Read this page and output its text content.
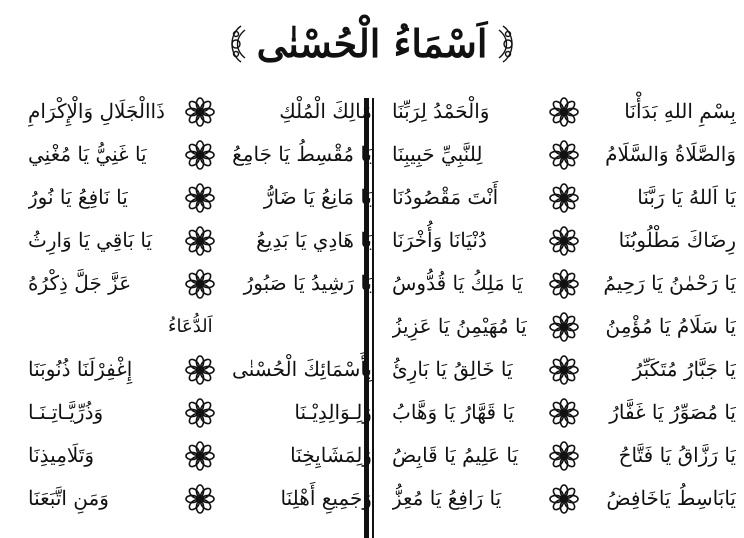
اَسْمَاءُ الْحُسْنٰى
بِسْمِ اللهِ بَدَأْنَا
وَالْحَمْدُ لِرَبِّنَا
وَالصَّلَاةُ وَالسَّلَامُ
لِلنَّبِيِّ حَبِيبِنَا
يَا اَللهُ يَا رَبَّنَا
أَنْتَ مَقْصُودُنَا
رِضَاكَ مَطْلُوبُنَا
دُنْيَانَا وَأُخْرَنَا
يَا رَحْمٰنُ يَا رَحِيمُ
يَا مَلِكُ يَا قُدُّوسُ
يَا سَلَامُ يَا مُؤْمِنُ
يَا مُهَيْمِنُ يَا عَزِيزُ
يَا جَبَّارُ مُتَكَبِّرُ
يَا خَالِقُ يَا بَارِئُ
يَا مُصَوِّرُ يَا غَفَّارُ
يَا قَهَّارُ يَا وَهَّابُ
يَا رَزَّاقُ يَا فَتَّاحُ
يَا عَلِيمُ يَا قَابِضُ
يَابَاسِطُ يَاخَافِضُ
يَا رَافِعُ يَا مُعِزُّ
مَالِكَ الْمُلْكِ
ذَاالْجَلَالِ وَالْإِكْرَامِ
يَا مُقْسِطُ يَا جَامِعُ
يَا غَنِيُّ يَا مُغْنِي
يَا مَانِعُ يَا ضَارُّ
يَا نَافِعُ يَا نُورُ
يَا هَادِي يَا بَدِيعُ
يَا بَاقِي يَا وَارِثُ
يَا رَشِيدُ يَا صَبُورُ
عَزَّ جَلَّ ذِكْرُهُ
اَلدُّعَاءُ
بِأَسْمَائِكَ الْحُسْنٰى
إِغْفِرْلَنَا ذُنُوبَنَا
وَلِـوَالِدِيْـنَا
وَذُرِّيَّـاتِـنَـا
وَلِمَشَايِخِنَا
وَتَلَامِيذِنَا
وَجَمِيعِ أَهْلِنَا
وَمَنِ اتَّبَعَنَا
